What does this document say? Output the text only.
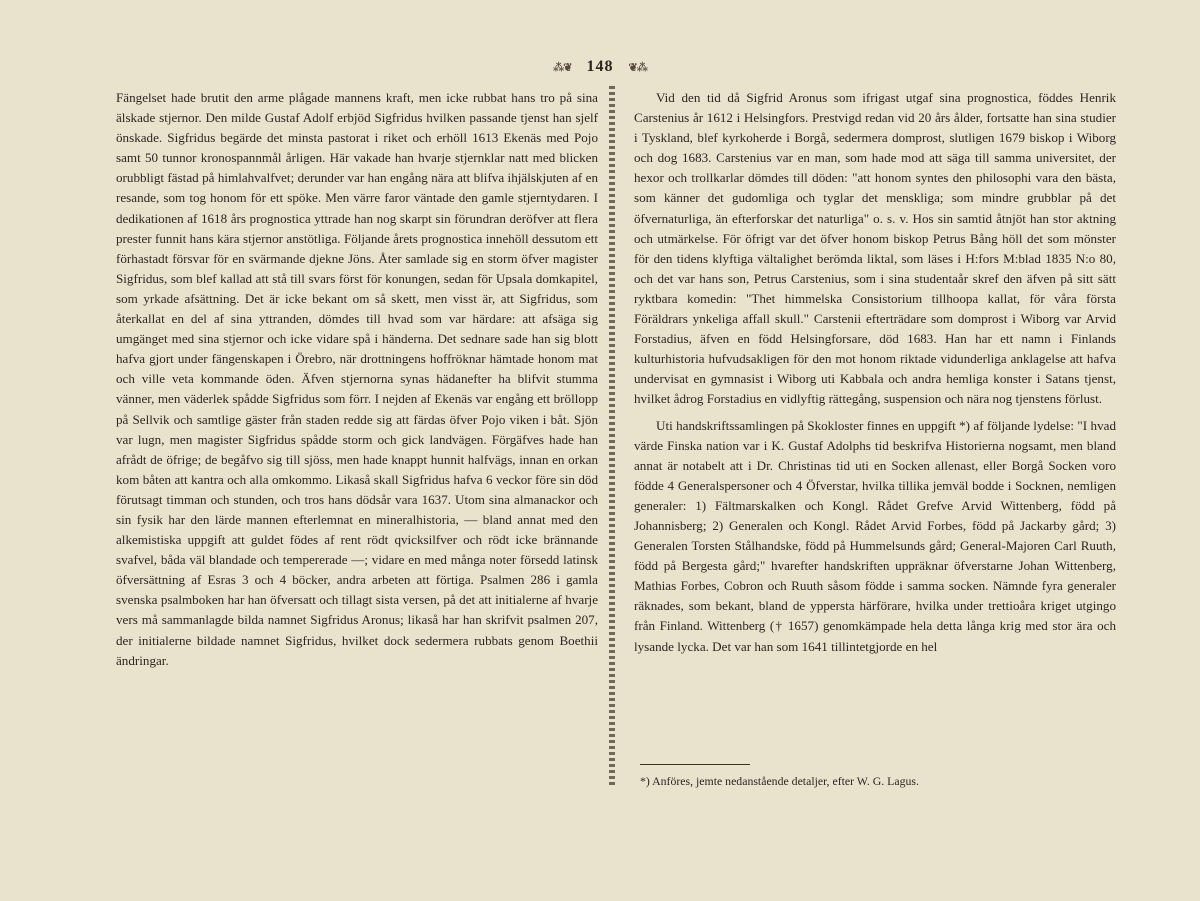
⁂❦ 148 ❦⁂

Fängelset hade brutit den arme plågade mannens kraft, men icke rubbat hans tro på sina älskade stjernor. Den milde Gustaf Adolf erbjöd Sigfridus hvilken passande tjenst han sjelf önskade. Sigfridus begärde det minsta pastorat i riket och erhöll 1613 Ekenäs med Pojo samt 50 tunnor kronospannmål årligen. Här vakade han hvarje stjernklar natt med blicken orubbligt fästad på himlahvalfvet; derunder var han engång nära att blifva ihjälskjuten af en resande, som tog honom för ett spöke. Men värre faror väntade den gamle stjerntydaren. I dedikationen af 1618 års prognostica yttrade han nog skarpt sin förundran deröfver att flera prester funnit hans kära stjernor anstötliga. Följande årets prognostica innehöll dessutom ett förhastadt försvar för en svärmande djekne Jöns. Åter samlade sig en storm öfver magister Sigfridus, som blef kallad att stå till svars först för konungen, sedan för Upsala domkapitel, som yrkade afsättning. Det är icke bekant om så skett, men visst är, att Sigfridus, som återkallat en del af sina yttranden, dömdes till hvad som var härdare: att afsäga sig umgänget med sina stjernor och icke vidare spå i händerna. Det sednare sade han sig blott hafva gjort under fängenskapen i Örebro, när drottningens hoffröknar hämtade honom mat och ville veta kommande öden. Äfven stjernorna synas hädanefter ha blifvit stumma vänner, men väderlek spådde Sigfridus som förr. I nejden af Ekenäs var engång ett bröllopp på Sellvik och samtlige gäster från staden redde sig att färdas öfver Pojo viken i båt. Sjön var lugn, men magister Sigfridus spådde storm och gick landvägen. Förgäfves hade han afrådt de öfrige; de begåfvo sig till sjöss, men hade knappt hunnit halfvägs, innan en orkan kom båten att kantra och alla omkommo. Likaså skall Sigfridus hafva 6 veckor före sin död förutsagt timman och stunden, och tros hans dödsår vara 1637. Utom sina almanackor och sin fysik har den lärde mannen efterlemnat en mineralhistoria, — bland annat med den alkemistiska uppgift att guldet födes af rent rödt qvicksilfver och rödt icke brännande svafvel, båda väl blandade och tempererade —; vidare en med många noter försedd latinsk öfversättning af Esras 3 och 4 böcker, andra arbeten att förtiga. Psalmen 286 i gamla svenska psalmboken har han öfversatt och tillagt sista versen, på det att initialerne af hvarje vers må sammanlagde bilda namnet Sigfridus Aronus; likaså har han skrifvit psalmen 207, der initialerne bildade namnet Sigfridus, hvilket dock sedermera rubbats genom Boethii ändringar.

Vid den tid då Sigfrid Aronus som ifrigast utgaf sina prognostica, föddes Henrik Carstenius år 1612 i Helsingfors. Prestvigd redan vid 20 års ålder, fortsatte han sina studier i Tyskland, blef kyrkoherde i Borgå, sedermera domprost, slutligen 1679 biskop i Wiborg och dog 1683. Carstenius var en man, som hade mod att säga till samma universitet, der hexor och trollkarlar dömdes till döden: "att honom syntes den philosophi vara den bästa, som känner det gudomliga och tyglar det menskliga; som mindre grubblar på det öfvernaturliga, än efterforskar det naturliga" o. s. v. Hos sin samtid åtnjöt han stor aktning och utmärkelse. För öfrigt var det öfver honom biskop Petrus Bång höll det som mönster för den tidens klyftiga vältalighet berömda liktal, som läses i H:fors M:blad 1835 N:o 80, och det var hans son, Petrus Carstenius, som i sina studentaår skref den äfven på sitt sätt ryktbara komedin: "Thet himmelska Consistorium tillhoopa kallat, för våra första Föräldrars ynkeliga affall skull." Carstenii efterträdare som domprost i Wiborg var Arvid Forstadius, äfven en född Helsingforsare, död 1683. Han har ett namn i Finlands kulturhistoria hufvudsakligen för den mot honom riktade vidunderliga anklagelse att hafva undervisat en gymnasist i Wiborg uti Kabbala och andra hemliga konster i Satans tjenst, hvilket ådrog Forstadius en vidlyftig rättegång, suspension och nära nog tjenstens förlust.

Uti handskriftssamlingen på Skokloster finnes en uppgift *) af följande lydelse: "I hvad värde Finska nation var i K. Gustaf Adolphs tid beskrifva Historierna nogsamt, men bland annat är notabelt att i Dr. Christinas tid uti en Socken allenast, eller Borgå Socken voro födde 4 Generalspersoner och 4 Öfverstar, hvilka tillika jemväl bodde i Socknen, nemligen generaler: 1) Fältmarskalken och Kongl. Rådet Grefve Arvid Wittenberg, född på Johannisberg; 2) Generalen och Kongl. Rådet Arvid Forbes, född på Jackarby gård; 3) Generalen Torsten Stålhandske, född på Hummelsunds gård; General-Majoren Carl Ruuth, född på Bergesta gård;" hvarefter handskriften uppräknar öfverstarne Johan Wittenberg, Mathias Forbes, Cobron och Ruuth såsom födde i samma socken. Nämnde fyra generaler räknades, som bekant, bland de yppersta härförare, hvilka under trettioåra kriget utgingo från Finland. Wittenberg († 1657) genomkämpade hela detta långa krig med stor ära och lysande lycka. Det var han som 1641 tillintetgjorde en hel

*) Anföres, jemte nedanstående detaljer, efter W. G. Lagus.
